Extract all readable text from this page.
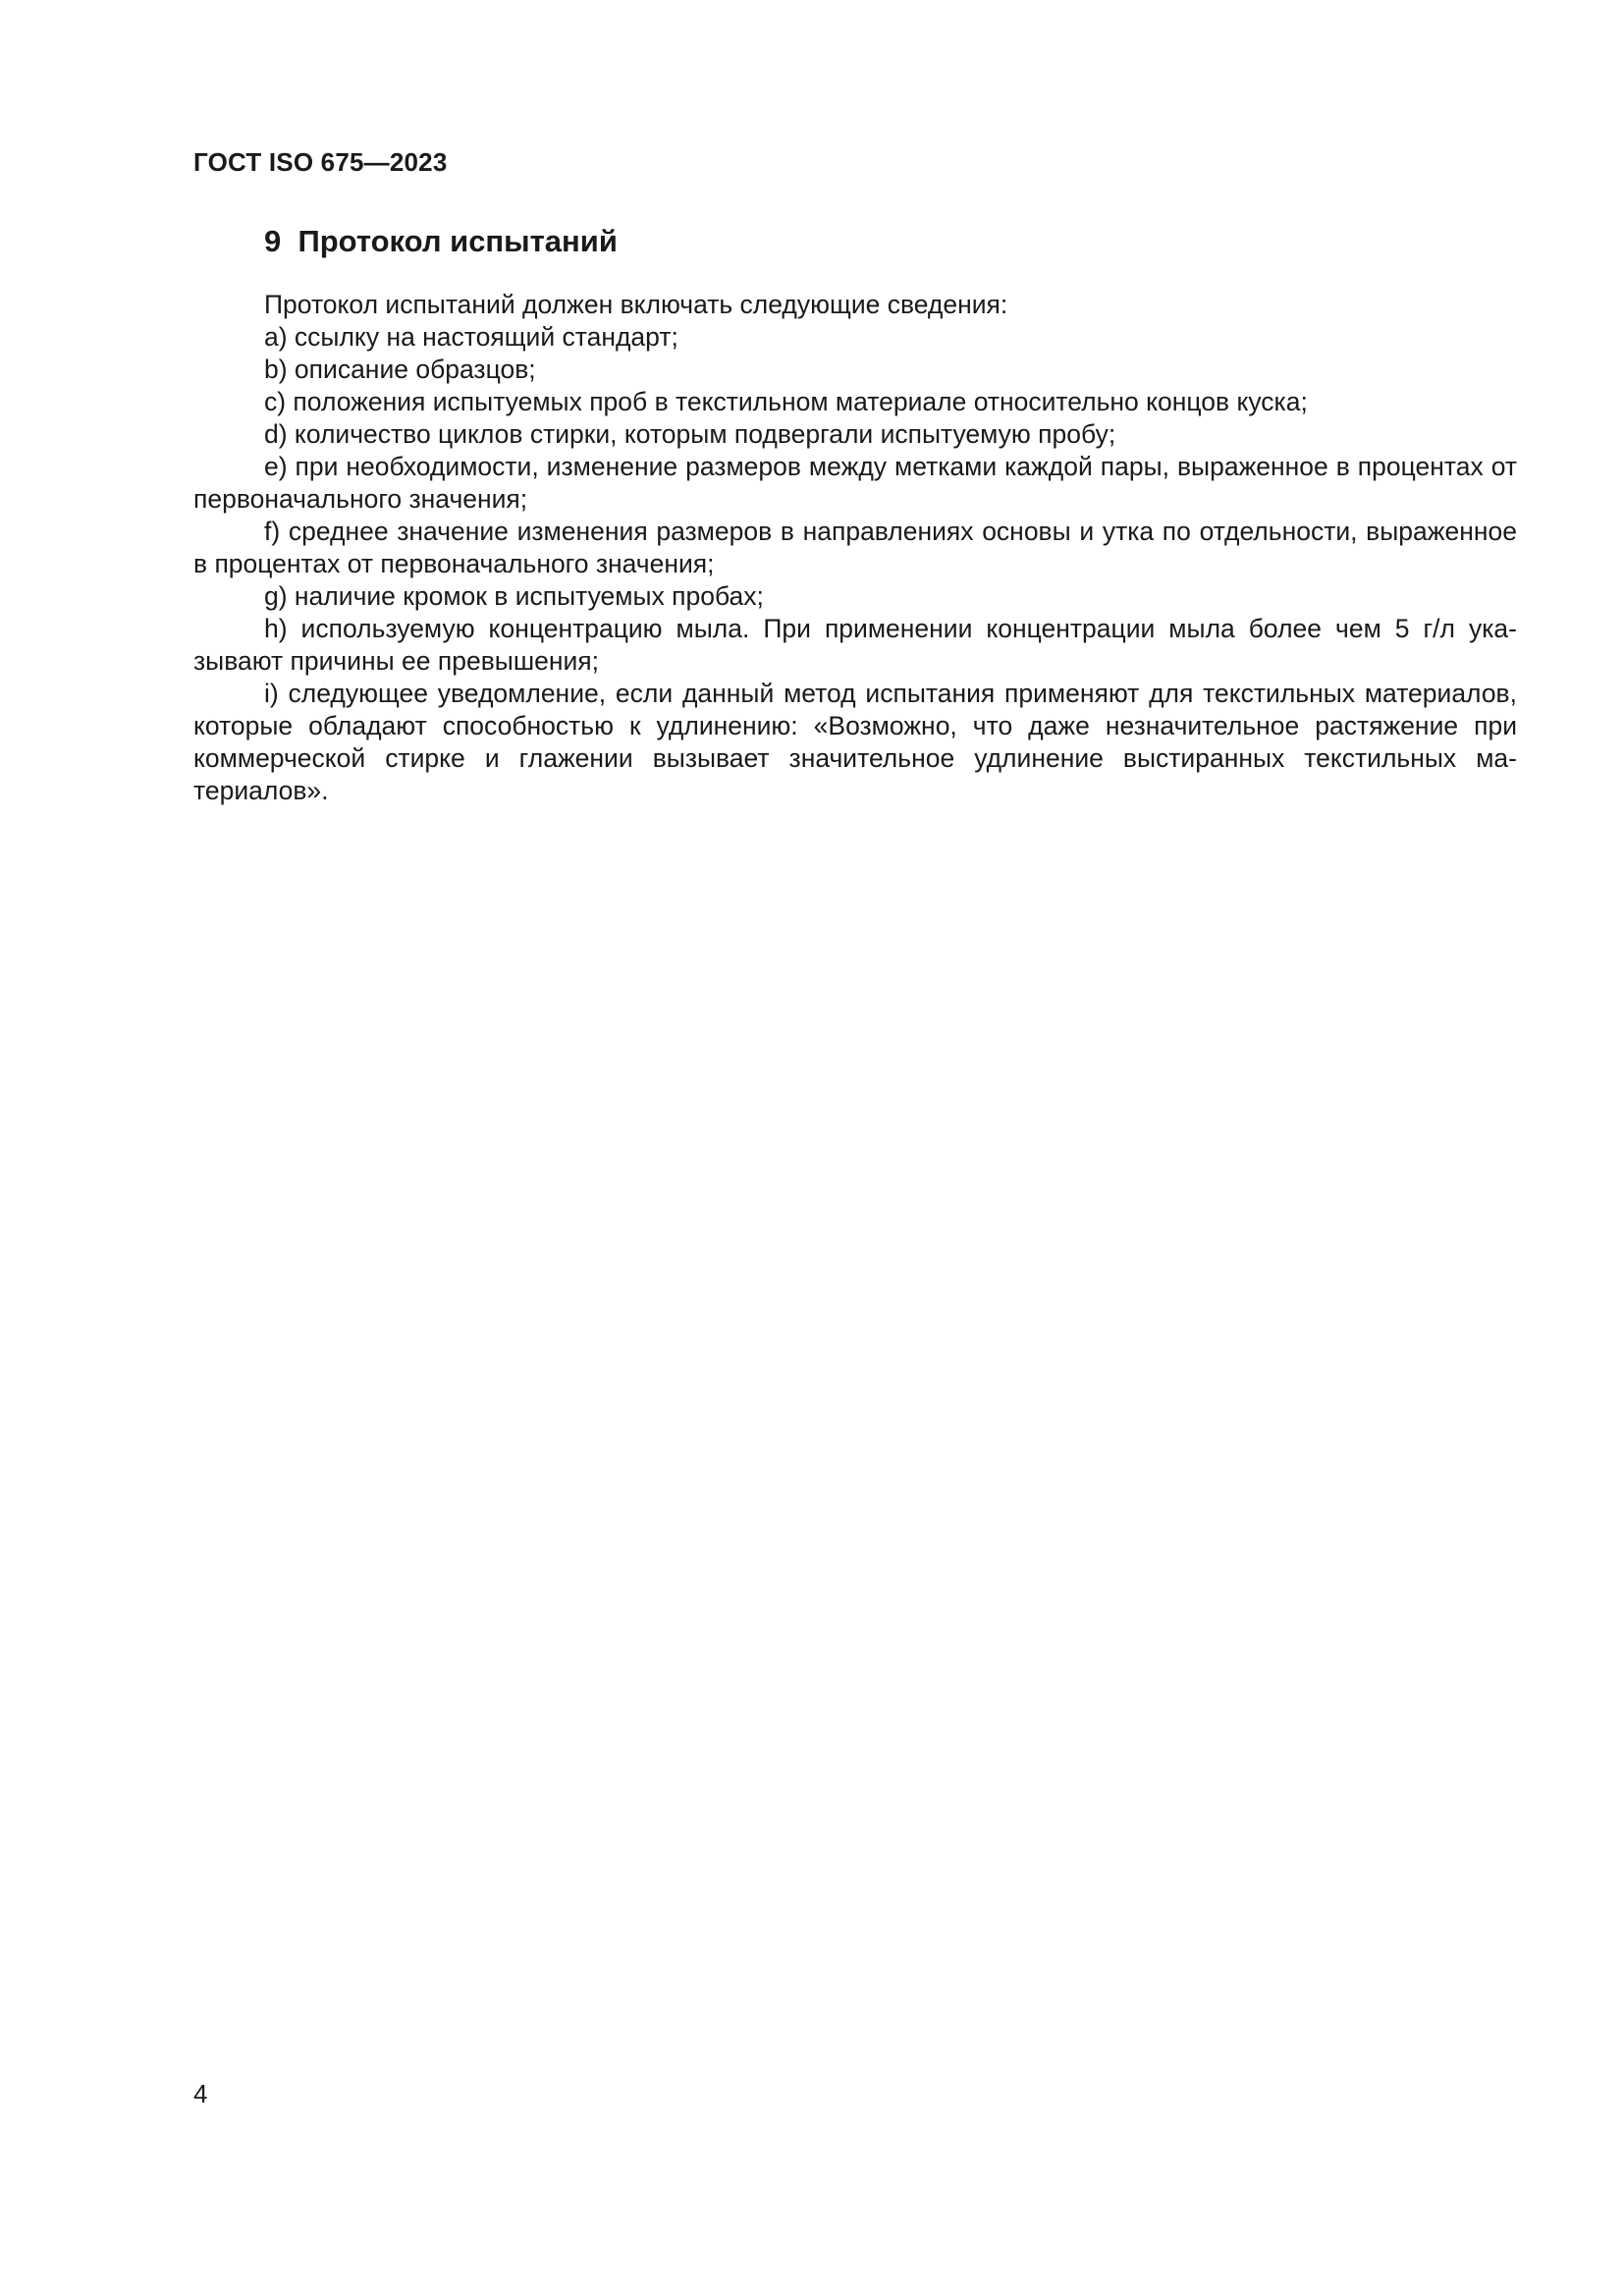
ГОСТ ISO 675—2023
9  Протокол испытаний

Протокол испытаний должен включать следующие сведения:

a) ссылку на настоящий стандарт;

b) описание образцов;

c) положения испытуемых проб в текстильном материале относительно концов куска;

d) количество циклов стирки, которым подвергали испытуемую пробу;

e) при необходимости, изменение размеров между метками каждой пары, выраженное в процентах от первоначального значения;

f) среднее значение изменения размеров в направлениях основы и утка по отдельности, выраженное в процентах от первоначального значения;

g) наличие кромок в испытуемых пробах;

h) используемую концентрацию мыла. При применении концентрации мыла более чем 5 г/л указывают причины ее превышения;

i) следующее уведомление, если данный метод испытания применяют для текстильных материалов, которые обладают способностью к удлинению: «Возможно, что даже незначительное растяжение при коммерческой стирке и глажении вызывает значительное удлинение выстиранных текстильных материалов».

4
